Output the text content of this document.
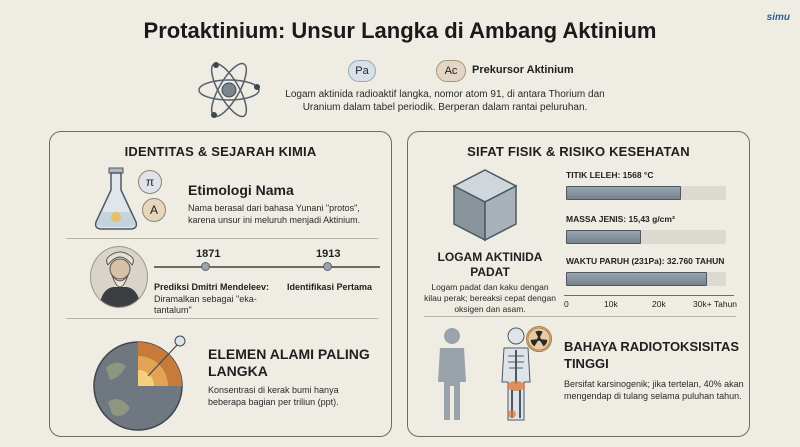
Protaktinium: Unsur Langka di Ambang Aktinium
simu
Pa	Ac	Prekursor Aktinium
Logam aktinida radioaktif langka, nomor atom 91, di antara Thorium dan Uranium dalam tabel periodik. Berperan dalam rantai peluruhan.
IDENTITAS & SEJARAH KIMIA
π
A
Etimologi Nama
Nama berasal dari bahasa Yunani "protos", karena unsur ini meluruh menjadi Aktinium.
1871	1913
Prediksi Dmitri Mendeleev:
Diramalkan sebagai "eka-tantalum"
Identifikasi Pertama
ELEMEN ALAMI PALING LANGKA
Konsentrasi di kerak bumi hanya beberapa bagian per triliun (ppt).
SIFAT FISIK & RISIKO KESEHATAN
LOGAM AKTINIDA PADAT
Logam padat dan kaku dengan kilau perak; bereaksi cepat dengan oksigen dan asam.
TITIK LELEH: 1568 °C
MASSA JENIS: 15,43 g/cm³
WAKTU PARUH (231Pa): 32.760 TAHUN
0	10k	20k	30k+ Tahun
BAHAYA RADIOTOKSISITAS TINGGI
Bersifat karsinogenik; jika tertelan, 40% akan mengendap di tulang selama puluhan tahun.
